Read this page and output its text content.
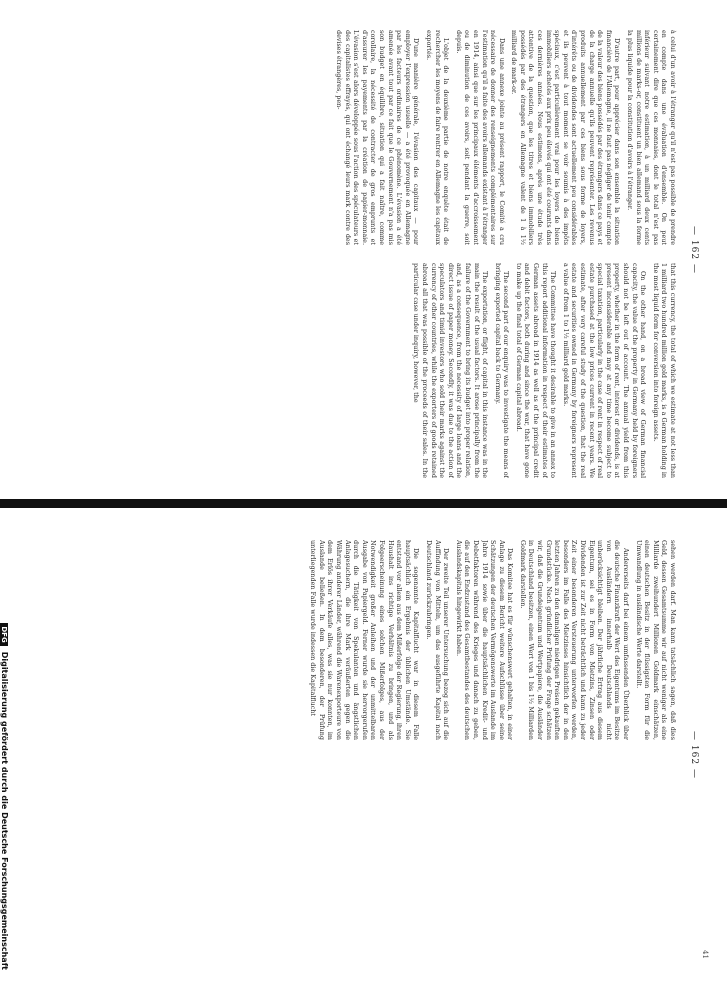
— 162 —

à celui d'un avoir à l'étranger qu'il n'est pas possible de prendre en compte dans une évaluation d'ensemble. On peut certainement dire que ces monnaies, dont le total n'est pas inférieur suivant notre estimation, à un milliard deux cents millions de marks-or, constituent un bien allemand sous la forme la plus liquide pour la constitution d'avoirs à l'étranger.

D'autre part, pour apprécier dans son ensemble la situation financière de l'Allemagne, il ne faut pas négliger de tenir compte de la valeur des biens possédés par des étrangers dans ce pays et de la charge annuelle qu'ils peuvent représenter. Les revenus produits annuellement par ces biens sous forme de loyers, d'intérêts ou de dividendes sont actuellement peu considérables et ils peuvent à tout moment se voir soumis à des impôts spéciaux, c'est particulièrement vrai pour les loyers de biens immobiliers achetés aux prix peu élevés qui ont été courants dans ces dernières années. Nous estimons, après une étude très attentive de la question, que les titres et biens immobiliers possédés par des étrangers en Allemagne valent de 1 à 1½ milliard de mark-or.

Dans une annexe jointe au présent rapport, le Comité a cru nécessaire de donner des renseignements complémentaires sur l'estimation qu'il a faite des avoirs allemands existant à l'étranger en 1914, ainsi que sur les principaux éléments d'accroissement ou de diminution de ces avoirs, soit pendant la guerre, soit depuis.

L'objet de la deuxième partie de notre enquête était de rechercher les moyens de faire rentrer en Allemagne les capitaux exportés.

D'une manière générale, l'évasion des capitaux — pour employer l'expression usuelle — a été provoquée en Allemagne par les facteurs ordinaires de ce phénomène. L'évasion a été amenée avant tout par ce fait que le Gouvernement n'a pas mis son budget en équilibre, situation qui a fait naître, comme corollaire, la nécessité de contracter de gros emprunts et d'assurer les payements par la création de papier-monnaie. L'évasion s'est alors développée sous l'action des spéculateurs et des capitalistes effrayés, qui ont échangé leurs mark contre des devises étrangères, pen-

that this currency, the total of which we estimate at not less than 1 milliard two hundred million gold marks, is a German holding in the most liquid form for conversion into foreign assets.

On the other hand, on a broad view of German financial capacity, the value of the property in Germany held by foreigners should not be left out of account. The annual yield from this property, whether in the form of rent, interest or dividends, is at present inconsiderable and may at any time become subject to special taxation, particularly in the case of rent in respect of real estate purchased at the low prices current in recent years. We estimate, after very careful study of the question, that the real estate and securities owned in Germany by foreigners represent a value of from 1 to 1½ milliard gold marks.

The Committee have thought it desirable to give in an annex to this report additional information in respect of their estimates of German assets abroad in 1914 as well as of the principal credit and debit factors, both during and since the war, that have gone to make up the final total of German capital abroad.

The second part of our enquiry was to investigate the means of bringing exported capital back to Germany.

The exportation, or flight, of capital in this instance was in the main the result of the usual factors. It arose principally from the failure of the Government to bring its budget into proper relation, and, as a consequence, from the necessity of large loans and the direct issue of paper money. Secondly, it was due to the action of speculators and timid investors who sold their marks against the currency of other countries, while the exporters of goods retained abroad all that was possible of the proceeds of their sales. In the particular case under inquiry, however, the

— 162 —

sehen werden darf. Man kann tatsächlich sagen, daß dies Geld, dessen Gesamtsumme wir auf nicht weniger als eine Milliarde zweihundert Millionen Goldmark einschätzen, einen deutschen Besitz in der flüssigsten Form für die Umwandlung in ausländische Werte darstellt.

Andererseits darf bei einem umfassenden Überblick über die deutsche Finanzkraft der Wert des Eigentums im Besitze von Ausländern innerhalb Deutschlands nicht unberücksichtigt bleiben. Der jährliche Ertrag aus diesem Eigentum, sei es in Form von Mietzins, Zinsen oder Dividenden ist zur Zeit nicht beträchtlich und kann zu jeder Zeit einer besonderen Versteuerung unterworfen werden, besonders im Falle des Mietzinses hinsichtlich der in den letzten Jahren zu den damaligen niedrigen Preisen gekauften Grundstücke. Nach gründlicher Prüfung der Frage schätzen wir, daß die Grundeigentum und Wertpapiere, die Ausländer in Deutschland besitzen, einen Wert von 1 bis 1½ Milliarden Goldmark darstellen.

Das Komitee hat es für wünschenswert gehalten, in einer Anlage zu diesem Bericht weitere Aufschlüsse über seine Schätzungen der deutschen Vermögenswerte im Auslande im Jahre 1914 sowie über die hauptsächlichen Kredit- und Debetfaktoren während des Krieges und danach zu geben, die auf den Endzustand des Gesamtbestandes des deutschen Auslandskapitals hingewirkt haben.

Der zweite Teil unserer Untersuchung bezog sich auf die Auffindung von Mitteln, um das ausgeführte Kapital nach Deutschland zurückzubringen.

Die sogenannte Kapitalflucht war in diesem Falle hauptsächlich ein Ergebnis der üblichen Umstände. Sie entstand vor allem aus dem Mißerfolge der Regierung, ihren Haushalt ins richtige Verhältnis zu bringen, und als Folgeerscheinung eines solchen Mißerfolges, aus der Notwendigkeit großer Anleihen und der unmittelbaren Ausgabe von Papiergeld. Ferner wurde sie hervorgerufen durch die Tätigkeit von Spekulanten und ängstlichen Anlagesuchern, die ihre Mark veräußerten gegen die Währung anderer Länder, während die Warenexporteure von dem Erlös ihrer Verkäufe alles, was sie nur konnten, im Auslande beließen. In dem besonderen, der Prüfung unterliegenden Falle wurde indessen die Kapitalflucht

41
DFGDigitalisierung gefördert durch die Deutsche Forschungsgemeinschaft
